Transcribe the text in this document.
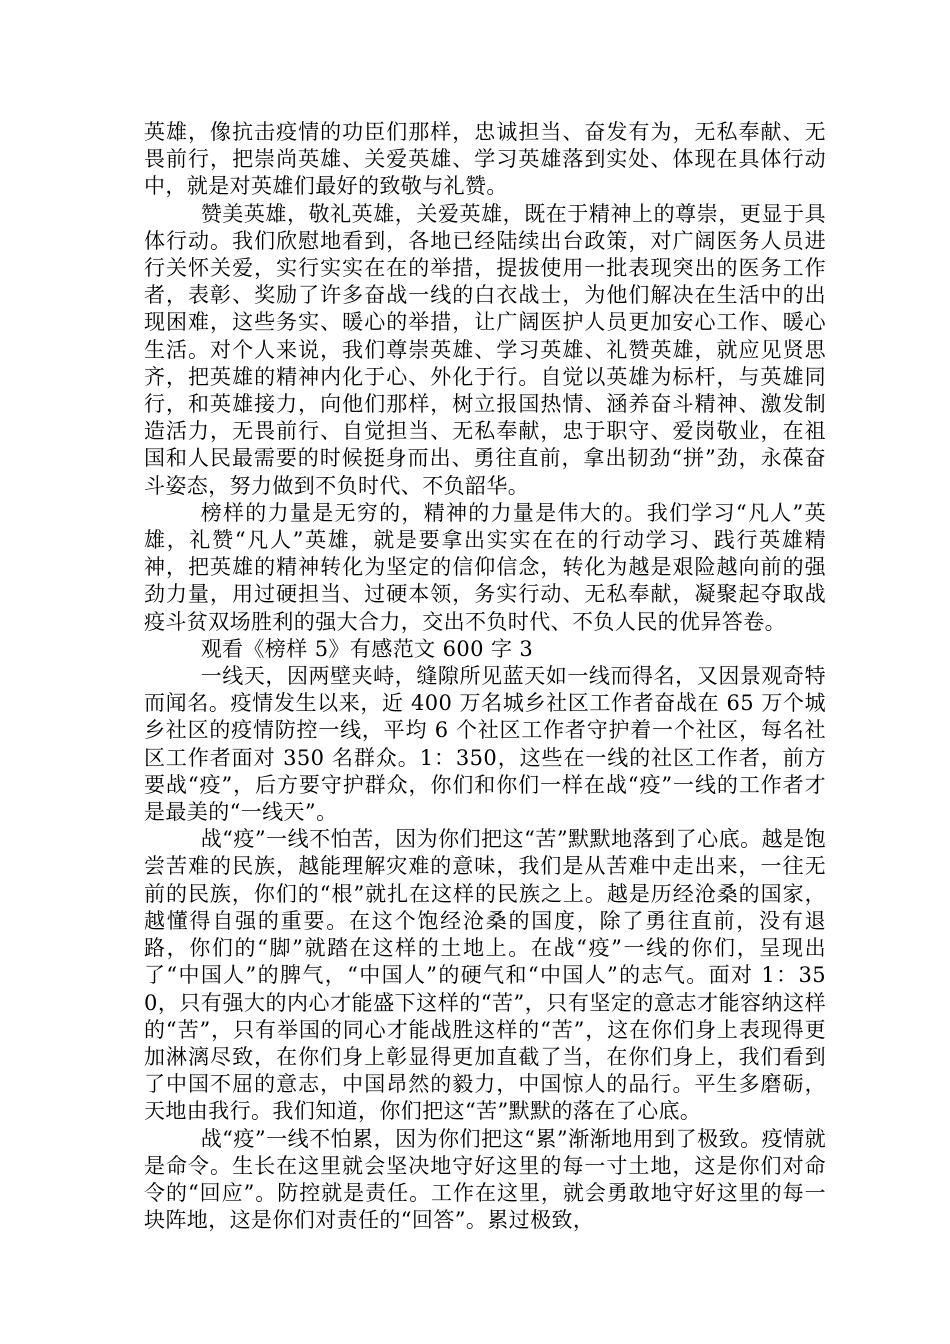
英雄，像抗击疫情的功臣们那样，忠诚担当、奋发有为，无私奉献、无畏前行，把崇尚英雄、关爱英雄、学习英雄落到实处、体现在具体行动中，就是对英雄们最好的致敬与礼赞。

赞美英雄，敬礼英雄，关爱英雄，既在于精神上的尊崇，更显于具体行动。我们欣慰地看到，各地已经陆续出台政策，对广阔医务人员进行关怀关爱，实行实实在在的举措，提拔使用一批表现突出的医务工作者，表彰、奖励了许多奋战一线的白衣战士，为他们解决在生活中的出现困难，这些务实、暖心的举措，让广阔医护人员更加安心工作、暖心生活。对个人来说，我们尊崇英雄、学习英雄、礼赞英雄，就应见贤思齐，把英雄的精神内化于心、外化于行。自觉以英雄为标杆，与英雄同行，和英雄接力，向他们那样，树立报国热情、涵养奋斗精神、激发制造活力，无畏前行、自觉担当、无私奉献，忠于职守、爱岗敬业，在祖国和人民最需要的时候挺身而出、勇往直前，拿出韧劲“拼”劲，永葆奋斗姿态，努力做到不负时代、不负韶华。

榜样的力量是无穷的，精神的力量是伟大的。我们学习“凡人”英雄，礼赞“凡人”英雄，就是要拿出实实在在的行动学习、践行英雄精神，把英雄的精神转化为坚定的信仰信念，转化为越是艰险越向前的强劲力量，用过硬担当、过硬本领，务实行动、无私奉献，凝聚起夺取战疫斗贫双场胜利的强大合力，交出不负时代、不负人民的优异答卷。

观看《榜样 5》有感范文 600 字 3

一线天，因两壁夹峙，缝隙所见蓝天如一线而得名，又因景观奇特而闻名。疫情发生以来，近 400 万名城乡社区工作者奋战在 65 万个城乡社区的疫情防控一线，平均 6 个社区工作者守护着一个社区，每名社区工作者面对 350 名群众。1：350，这些在一线的社区工作者，前方要战“疫”，后方要守护群众，你们和你们一样在战“疫”一线的工作者才是最美的“一线天”。

战“疫”一线不怕苦，因为你们把这“苦”默默地落到了心底。越是饱尝苦难的民族，越能理解灾难的意味，我们是从苦难中走出来，一往无前的民族，你们的“根”就扎在这样的民族之上。越是历经沧桑的国家，越懂得自强的重要。在这个饱经沧桑的国度，除了勇往直前，没有退路，你们的“脚”就踏在这样的土地上。在战“疫”一线的你们，呈现出了“中国人”的脾气，“中国人”的硬气和“中国人”的志气。面对 1：350，只有强大的内心才能盛下这样的“苦”，只有坚定的意志才能容纳这样的“苦”，只有举国的同心才能战胜这样的“苦”，这在你们身上表现得更加淋漓尽致，在你们身上彰显得更加直截了当，在你们身上，我们看到了中国不屈的意志，中国昂然的毅力，中国惊人的品行。平生多磨砺，天地由我行。我们知道，你们把这“苦”默默的落在了心底。

战“疫”一线不怕累，因为你们把这“累”渐渐地用到了极致。疫情就是命令。生长在这里就会坚决地守好这里的每一寸土地，这是你们对命令的“回应”。防控就是责任。工作在这里，就会勇敢地守好这里的每一块阵地，这是你们对责任的“回答”。累过极致，
